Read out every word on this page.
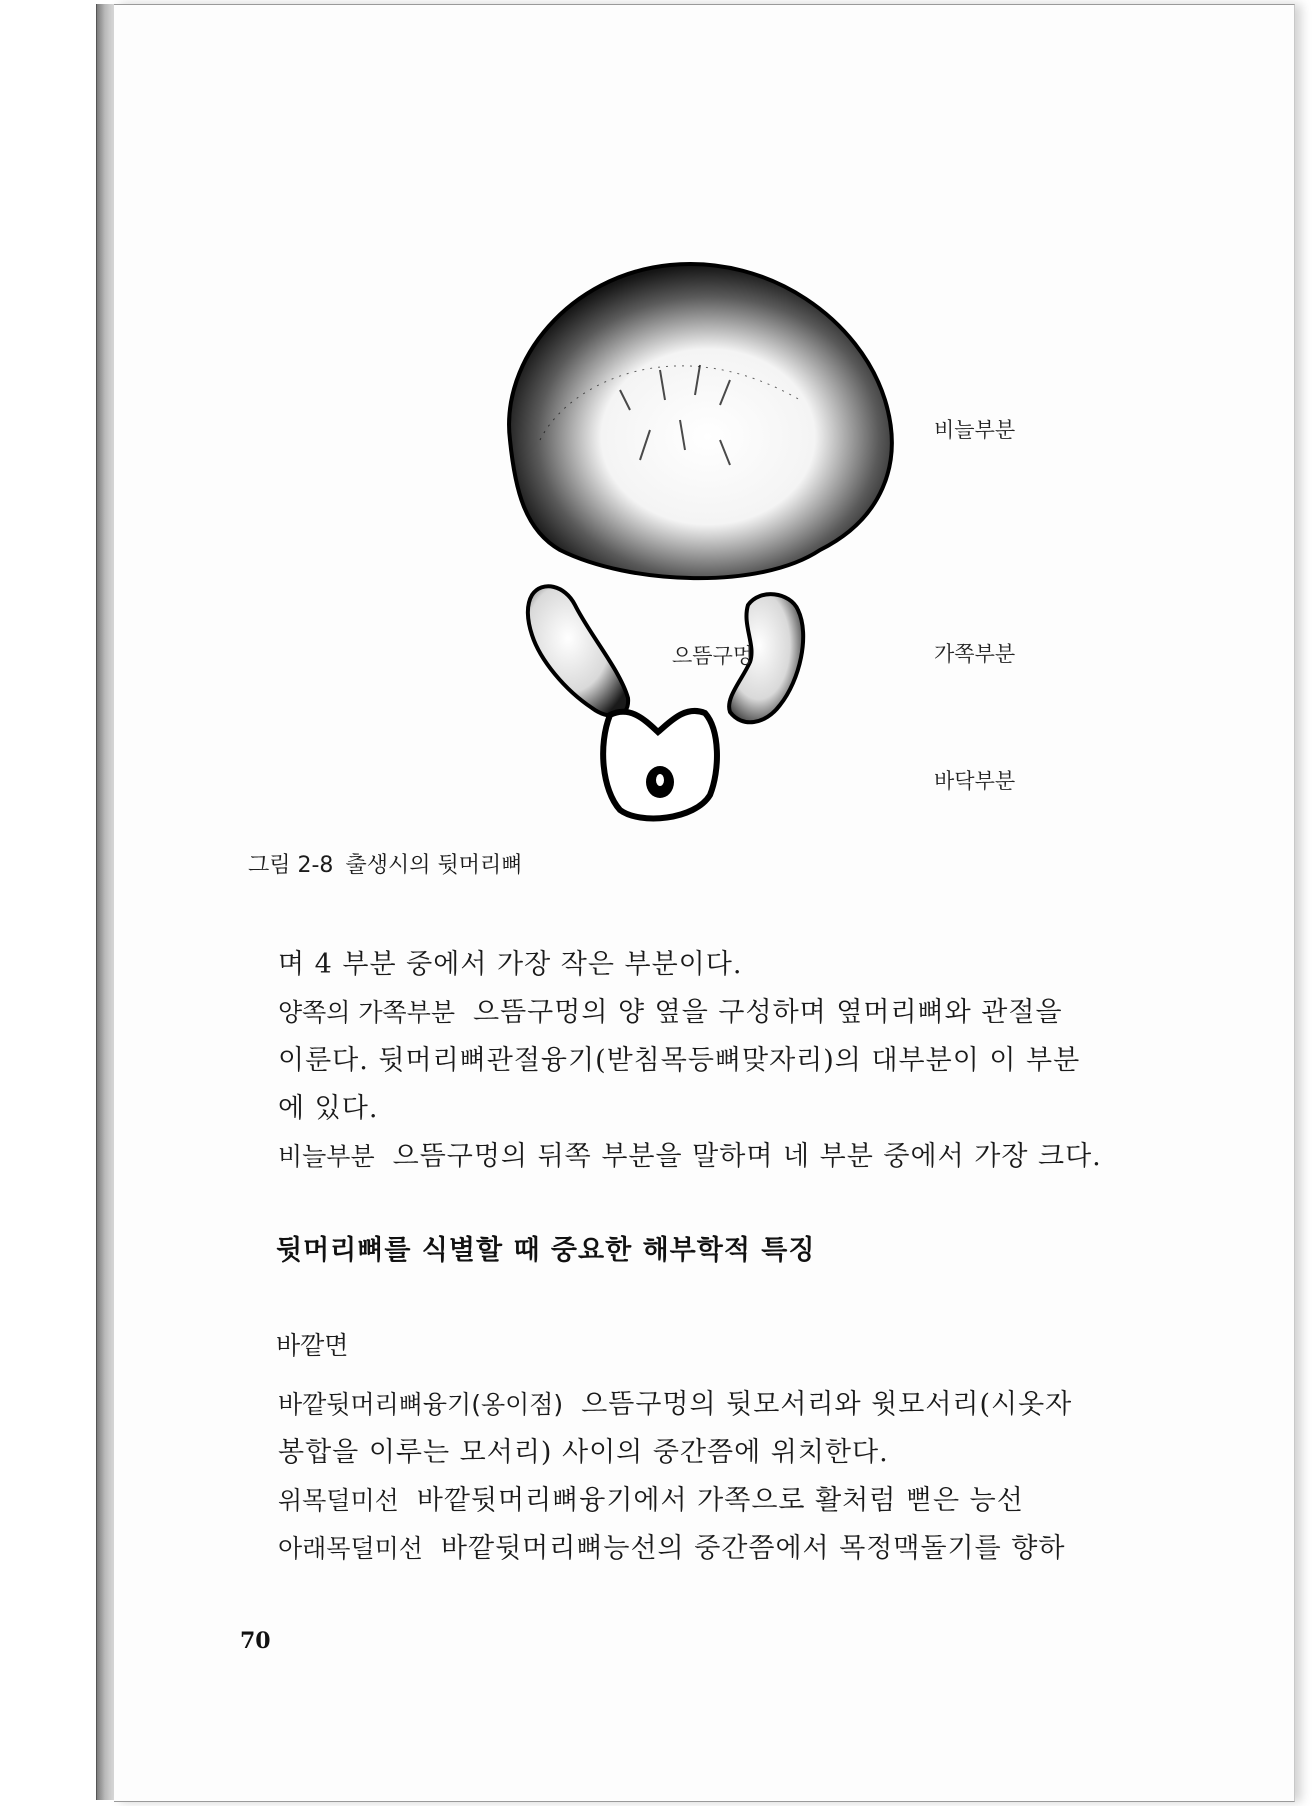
비늘부분
으뜸구멍	가쪽부분
바닥부분
그림 2-8 출생시의 뒷머리뼈
며 4 부분 중에서 가장 작은 부분이다.
양쪽의 가쪽부분 으뜸구멍의 양 옆을 구성하며 옆머리뼈와 관절을
이룬다. 뒷머리뼈관절융기(받침목등뼈맞자리)의 대부분이 이 부분
에 있다.
비늘부분 으뜸구멍의 뒤쪽 부분을 말하며 네 부분 중에서 가장 크다.
뒷머리뼈를 식별할 때 중요한 해부학적 특징
바깥면
바깥뒷머리뼈융기(옹이점) 으뜸구멍의 뒷모서리와 윗모서리(시옷자
봉합을 이루는 모서리) 사이의 중간쯤에 위치한다.
위목덜미선 바깥뒷머리뼈융기에서 가쪽으로 활처럼 뻗은 능선
아래목덜미선 바깥뒷머리뼈능선의 중간쯤에서 목정맥돌기를 향하
70
